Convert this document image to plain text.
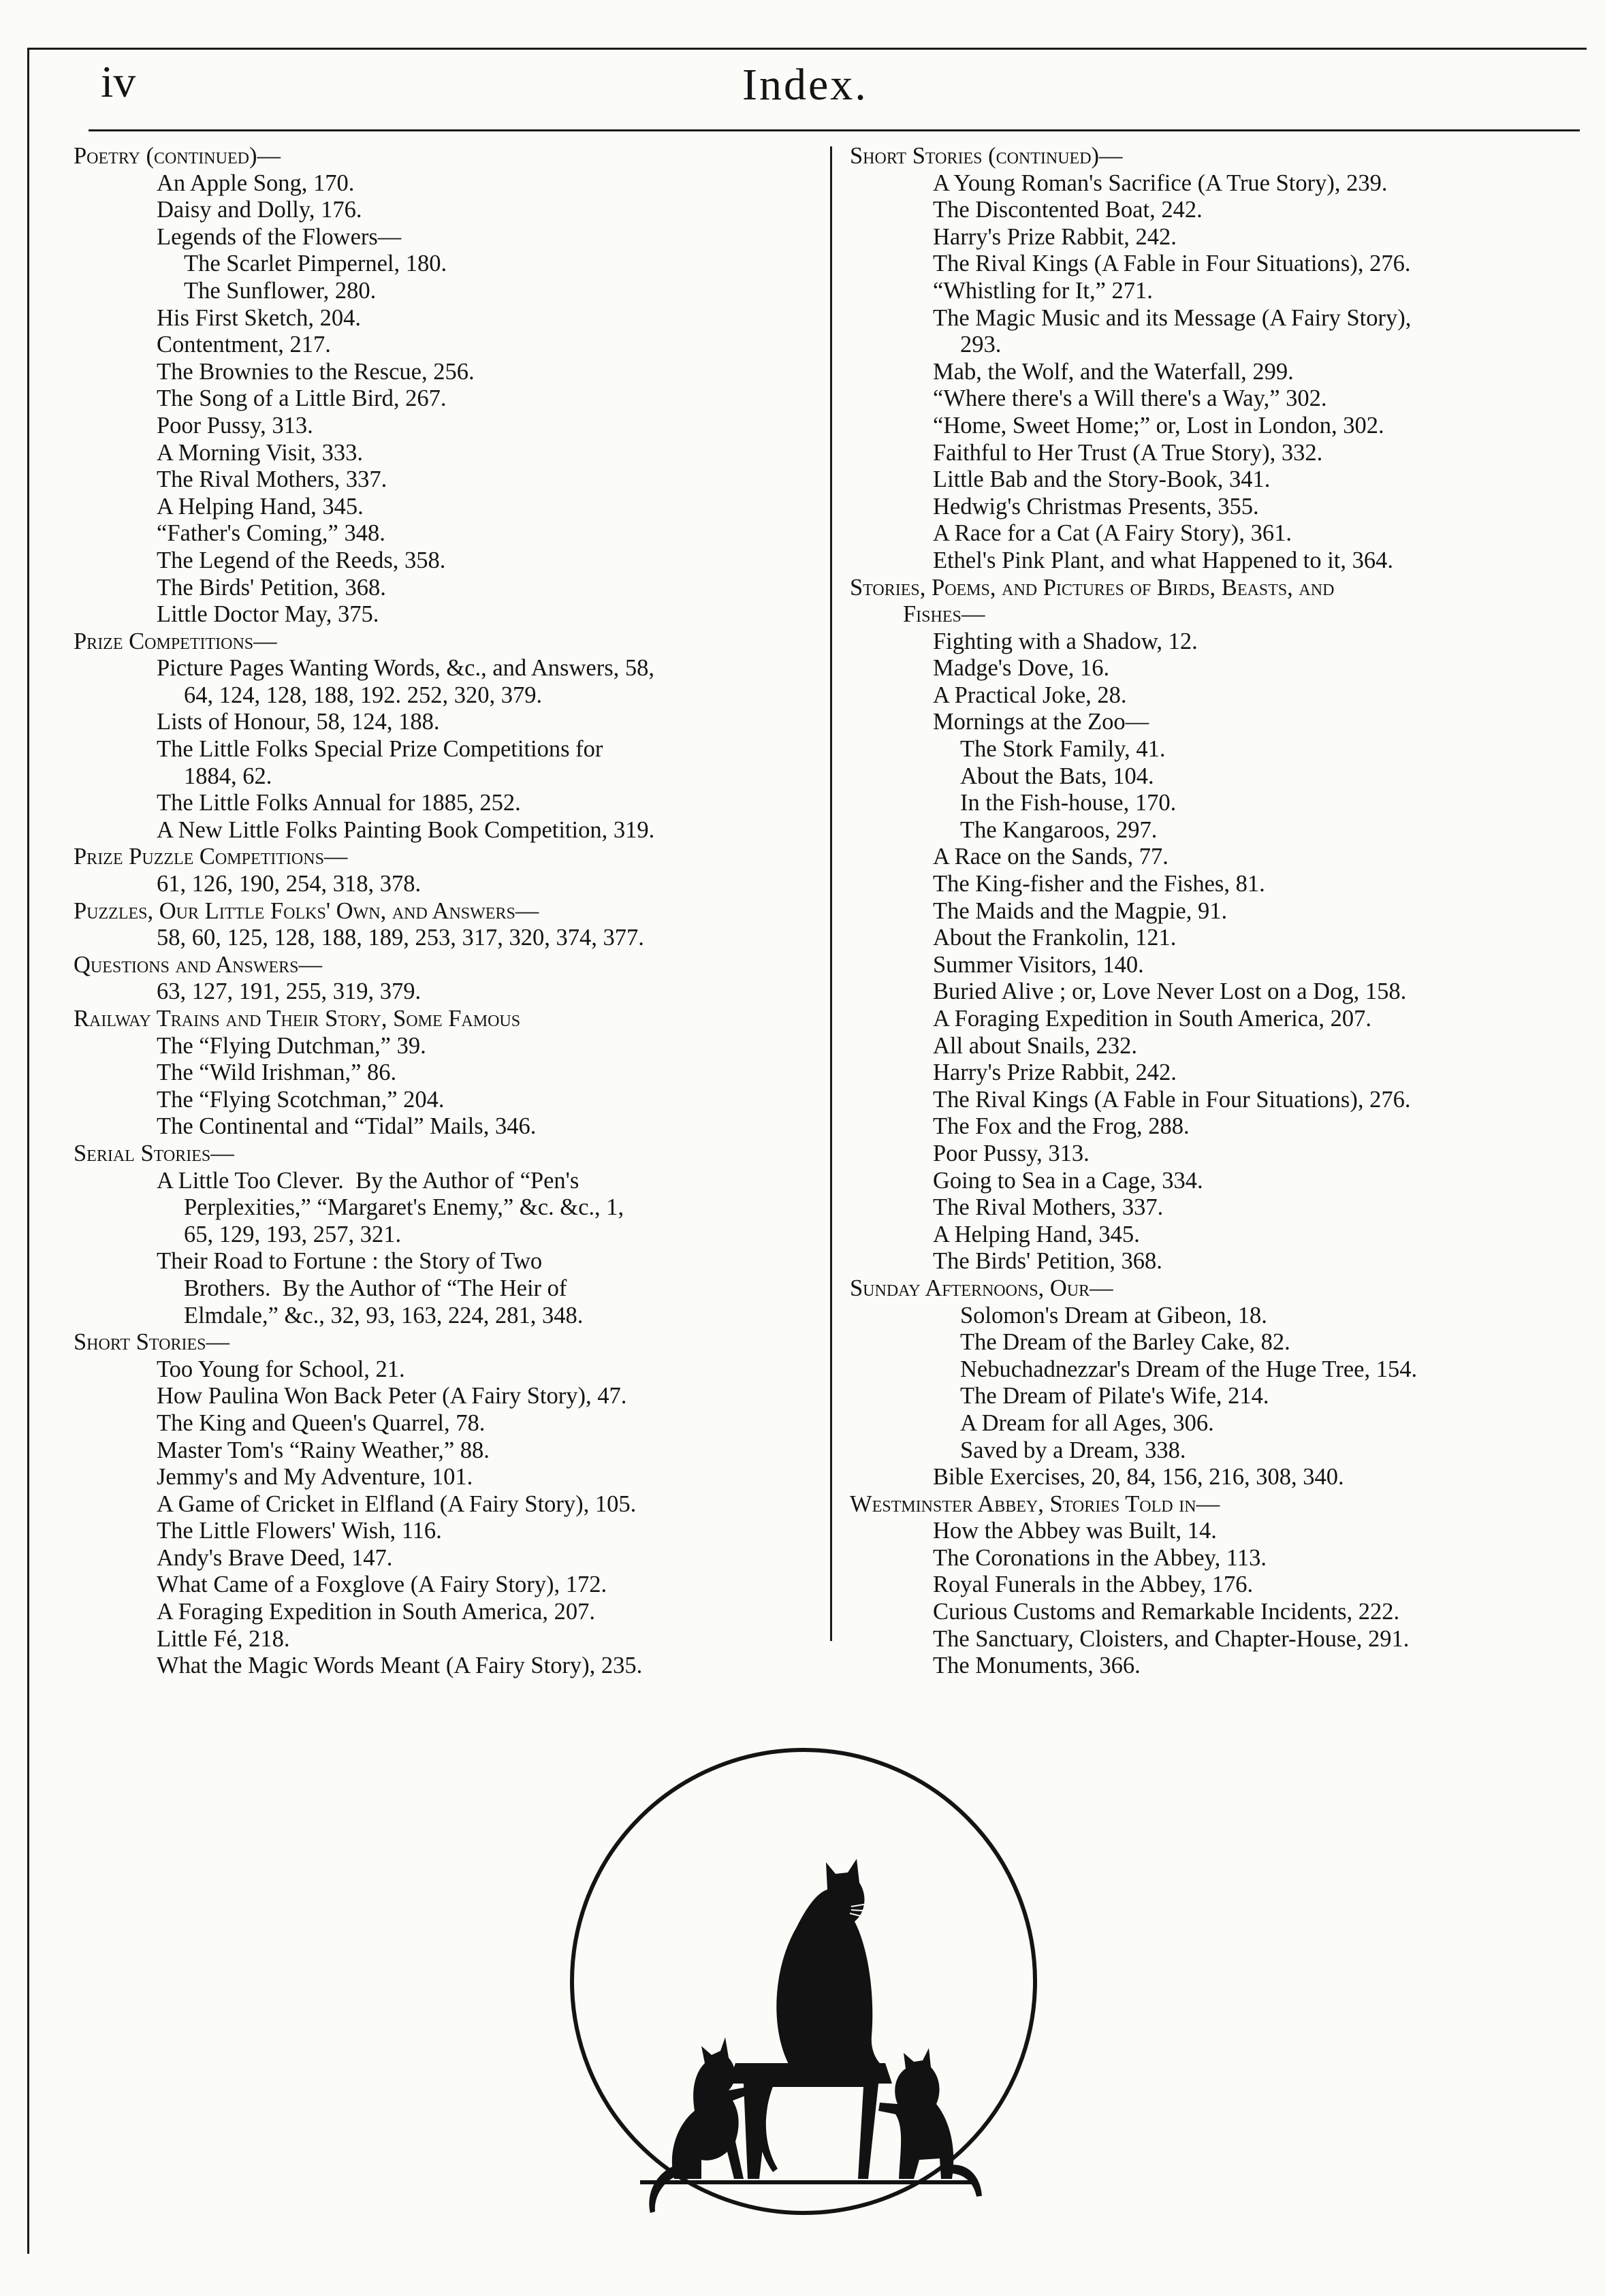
iv	Index.
Poetry (continued)—
An Apple Song, 170.
Daisy and Dolly, 176.
Legends of the Flowers—
The Scarlet Pimpernel, 180.
The Sunflower, 280.
His First Sketch, 204.
Contentment, 217.
The Brownies to the Rescue, 256.
The Song of a Little Bird, 267.
Poor Pussy, 313.
A Morning Visit, 333.
The Rival Mothers, 337.
A Helping Hand, 345.
“Father's Coming,” 348.
The Legend of the Reeds, 358.
The Birds' Petition, 368.
Little Doctor May, 375.
Prize Competitions—
Picture Pages Wanting Words, &c., and Answers, 58,
64, 124, 128, 188, 192. 252, 320, 379.
Lists of Honour, 58, 124, 188.
The Little Folks Special Prize Competitions for
1884, 62.
The Little Folks Annual for 1885, 252.
A New Little Folks Painting Book Competition, 319.
Prize Puzzle Competitions—
61, 126, 190, 254, 318, 378.
Puzzles, Our Little Folks' Own, and Answers—
58, 60, 125, 128, 188, 189, 253, 317, 320, 374, 377.
Questions and Answers—
63, 127, 191, 255, 319, 379.
Railway Trains and Their Story, Some Famous
The “Flying Dutchman,” 39.
The “Wild Irishman,” 86.
The “Flying Scotchman,” 204.
The Continental and “Tidal” Mails, 346.
Serial Stories—
A Little Too Clever.  By the Author of “Pen's
Perplexities,” “Margaret's Enemy,” &c. &c., 1,
65, 129, 193, 257, 321.
Their Road to Fortune : the Story of Two
Brothers.  By the Author of “The Heir of
Elmdale,” &c., 32, 93, 163, 224, 281, 348.
Short Stories—
Too Young for School, 21.
How Paulina Won Back Peter (A Fairy Story), 47.
The King and Queen's Quarrel, 78.
Master Tom's “Rainy Weather,” 88.
Jemmy's and My Adventure, 101.
A Game of Cricket in Elfland (A Fairy Story), 105.
The Little Flowers' Wish, 116.
Andy's Brave Deed, 147.
What Came of a Foxglove (A Fairy Story), 172.
A Foraging Expedition in South America, 207.
Little Fé, 218.
What the Magic Words Meant (A Fairy Story), 235.
Short Stories (continued)—
A Young Roman's Sacrifice (A True Story), 239.
The Discontented Boat, 242.
Harry's Prize Rabbit, 242.
The Rival Kings (A Fable in Four Situations), 276.
“Whistling for It,” 271.
The Magic Music and its Message (A Fairy Story),
293.
Mab, the Wolf, and the Waterfall, 299.
“Where there's a Will there's a Way,” 302.
“Home, Sweet Home;” or, Lost in London, 302.
Faithful to Her Trust (A True Story), 332.
Little Bab and the Story-Book, 341.
Hedwig's Christmas Presents, 355.
A Race for a Cat (A Fairy Story), 361.
Ethel's Pink Plant, and what Happened to it, 364.
Stories, Poems, and Pictures of Birds, Beasts, and
Fishes—
Fighting with a Shadow, 12.
Madge's Dove, 16.
A Practical Joke, 28.
Mornings at the Zoo—
The Stork Family, 41.
About the Bats, 104.
In the Fish-house, 170.
The Kangaroos, 297.
A Race on the Sands, 77.
The King-fisher and the Fishes, 81.
The Maids and the Magpie, 91.
About the Frankolin, 121.
Summer Visitors, 140.
Buried Alive ; or, Love Never Lost on a Dog, 158.
A Foraging Expedition in South America, 207.
All about Snails, 232.
Harry's Prize Rabbit, 242.
The Rival Kings (A Fable in Four Situations), 276.
The Fox and the Frog, 288.
Poor Pussy, 313.
Going to Sea in a Cage, 334.
The Rival Mothers, 337.
A Helping Hand, 345.
The Birds' Petition, 368.
Sunday Afternoons, Our—
Solomon's Dream at Gibeon, 18.
The Dream of the Barley Cake, 82.
Nebuchadnezzar's Dream of the Huge Tree, 154.
The Dream of Pilate's Wife, 214.
A Dream for all Ages, 306.
Saved by a Dream, 338.
Bible Exercises, 20, 84, 156, 216, 308, 340.
Westminster Abbey, Stories Told in—
How the Abbey was Built, 14.
The Coronations in the Abbey, 113.
Royal Funerals in the Abbey, 176.
Curious Customs and Remarkable Incidents, 222.
The Sanctuary, Cloisters, and Chapter-House, 291.
The Monuments, 366.
